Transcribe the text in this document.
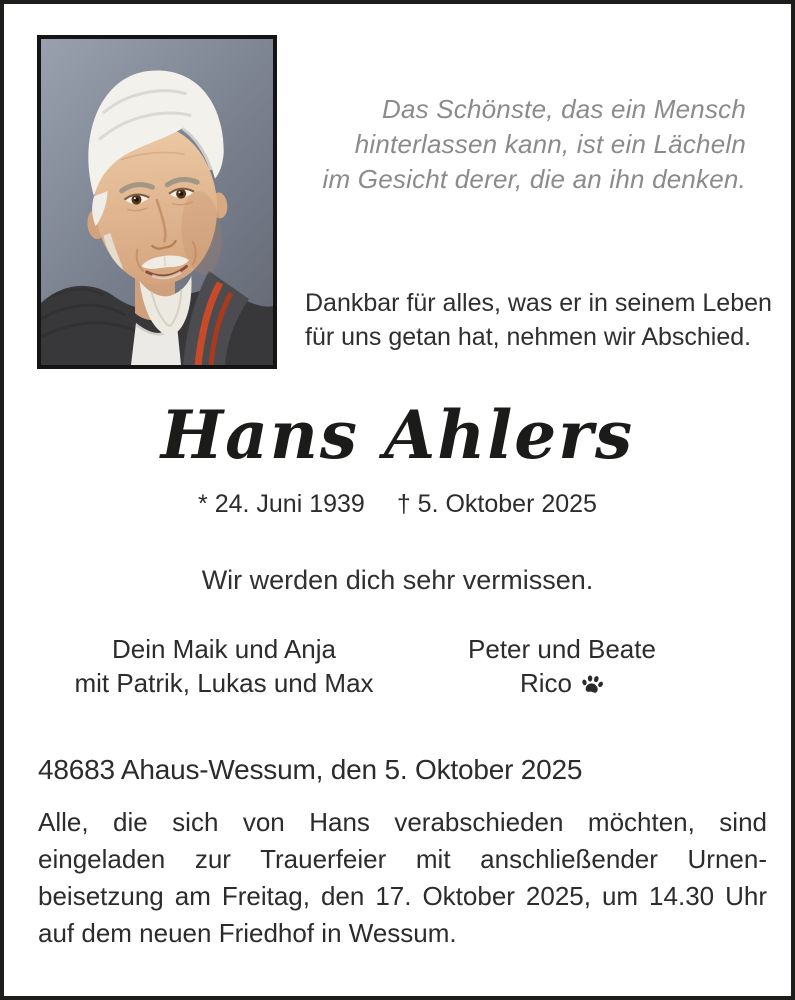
Das Schönste, das ein Mensch
hinterlassen kann, ist ein Lächeln
im Gesicht derer, die an ihn denken.
Dankbar für alles, was er in seinem Leben
für uns getan hat, nehmen wir Abschied.
Hans Ahlers
* 24. Juni 1939 † 5. Oktober 2025
Wir werden dich sehr vermissen.
Dein Maik und Anja
mit Patrik, Lukas und Max
Peter und Beate
Rico
48683 Ahaus-Wessum, den 5. Oktober 2025
Alle, die sich von Hans verabschieden möchten, sind
eingeladen zur Trauerfeier mit anschließender Urnen-
beisetzung am Freitag, den 17. Oktober 2025, um 14.30 Uhr
auf dem neuen Friedhof in Wessum.
